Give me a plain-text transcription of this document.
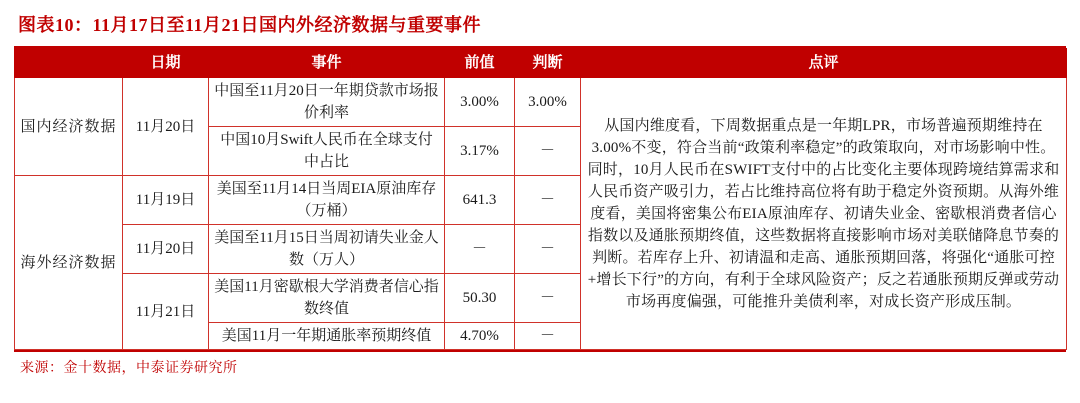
图表10：11月17日至11月21日国内外经济数据与重要事件
	日期	事件	前值	判断	点评
国内经济数据	11月20日	中国至11月20日一年期贷款市场报价利率	3.00%	3.00%	从国内维度看，下周数据重点是一年期LPR，市场普遍预期维持在3.00%不变，符合当前“政策利率稳定”的政策取向，对市场影响中性。同时，10月人民币在SWIFT支付中的占比变化主要体现跨境结算需求和人民币资产吸引力，若占比维持高位将有助于稳定外资预期。从海外维度看，美国将密集公布EIA原油库存、初请失业金、密歇根消费者信心指数以及通胀预期终值，这些数据将直接影响市场对美联储降息节奏的判断。若库存上升、初请温和走高、通胀预期回落，将强化“通胀可控+增长下行”的方向，有利于全球风险资产；反之若通胀预期反弹或劳动市场再度偏强，可能推升美债利率，对成长资产形成压制。
		中国10月Swift人民币在全球支付中占比	3.17%	－	
海外经济数据	11月19日	美国至11月14日当周EIA原油库存（万桶）	641.3	－	
	11月20日	美国至11月15日当周初请失业金人数（万人）	－	－	
	11月21日	美国11月密歇根大学消费者信心指数终值	50.30	－	
		美国11月一年期通胀率预期终值	4.70%	－	
来源：金十数据，中泰证券研究所
